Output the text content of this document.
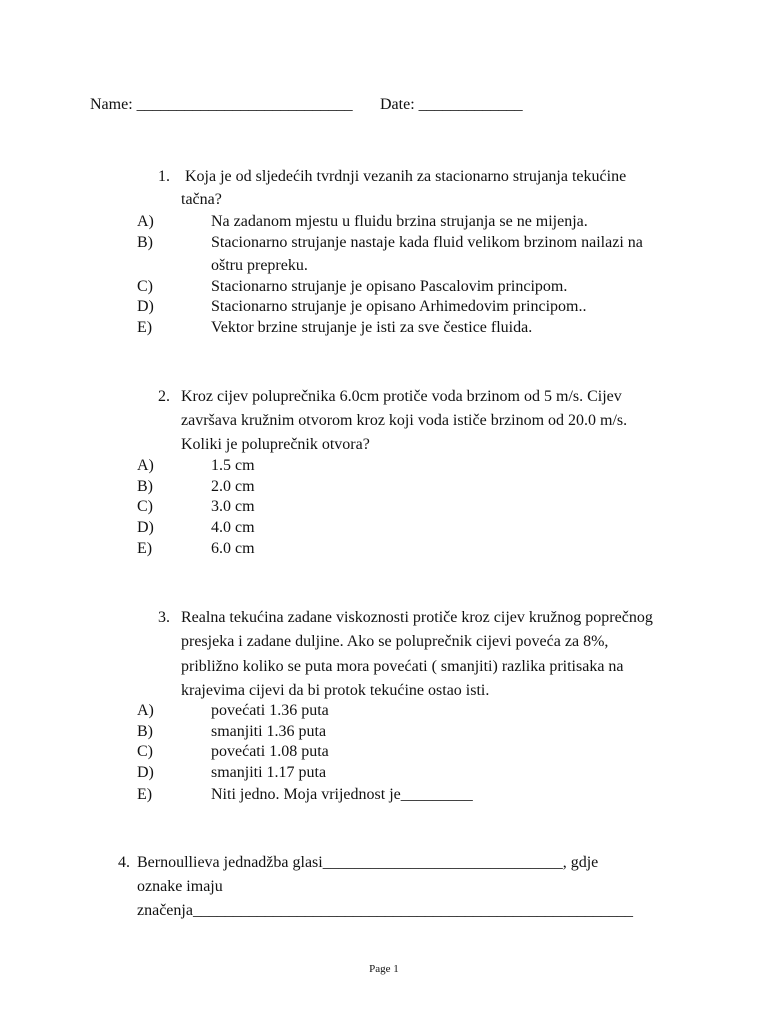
Name: ___________________________ Date: _____________
1. Koja je od sljedećih tvrdnji vezanih za stacionarno strujanja tekućine
tačna?
A)	Na zadanom mjestu u fluidu brzina strujanja se ne mijenja.
B)	Stacionarno strujanje nastaje kada fluid velikom brzinom nailazi na
oštru prepreku.
C)	Stacionarno strujanje je opisano Pascalovim principom.
D)	Stacionarno strujanje je opisano Arhimedovim principom..
E)	Vektor brzine strujanje je isti za sve čestice fluida.
2. Kroz cijev poluprečnika 6.0cm protiče voda brzinom od 5 m/s. Cijev
završava kružnim otvorom kroz koji voda ističe brzinom od 20.0 m/s.
Koliki je poluprečnik otvora?
A)	1.5 cm
B)	2.0 cm
C)	3.0 cm
D)	4.0 cm
E)	6.0 cm
3. Realna tekućina zadane viskoznosti protiče kroz cijev kružnog poprečnog
presjeka i zadane duljine. Ako se poluprečnik cijevi poveća za 8%,
približno koliko se puta mora povećati ( smanjiti) razlika pritisaka na
krajevima cijevi da bi protok tekućine ostao isti.
A)	povećati 1.36 puta
B)	smanjiti 1.36 puta
C)	povećati 1.08 puta
D)	smanjiti 1.17 puta
E)	Niti jedno. Moja vrijednost je_________
4. Bernoullieva jednadžba glasi______________________________, gdje
oznake imaju
značenja_______________________________________________________
Page 1
